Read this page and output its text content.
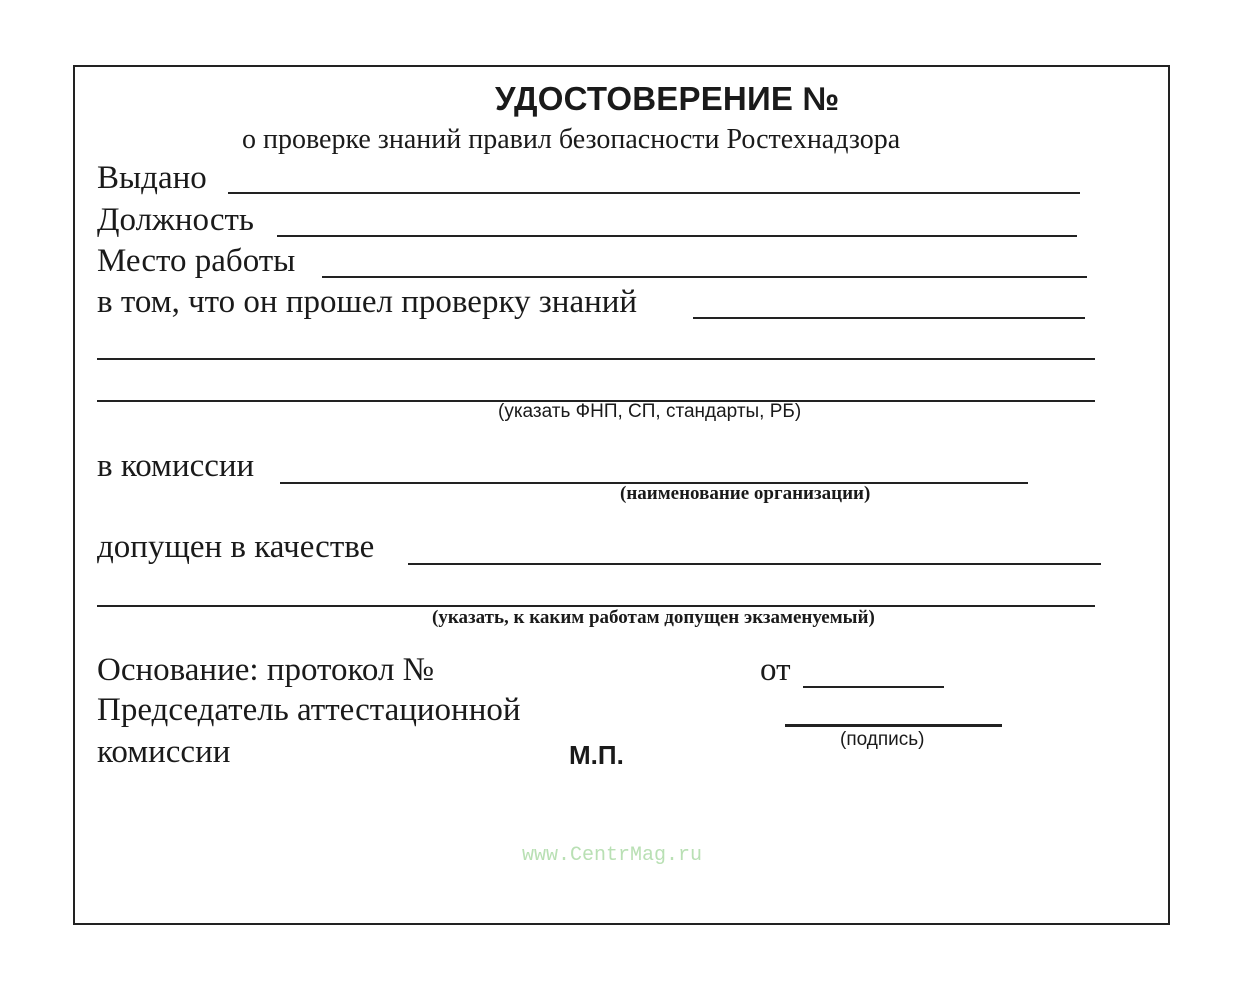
УДОСТОВЕРЕНИЕ №
о проверке знаний правил безопасности Ростехнадзора
Выдано
Должность
Место работы
в том, что он прошел проверку знаний
(указать ФНП, СП, стандарты, РБ)
в комиссии
(наименование организации)
допущен в качестве
(указать, к каким работам допущен экзаменуемый)
Основание: протокол №	от
Председатель аттестационной
(подпись)
комиссии	М.П.
www.CentrMag.ru
